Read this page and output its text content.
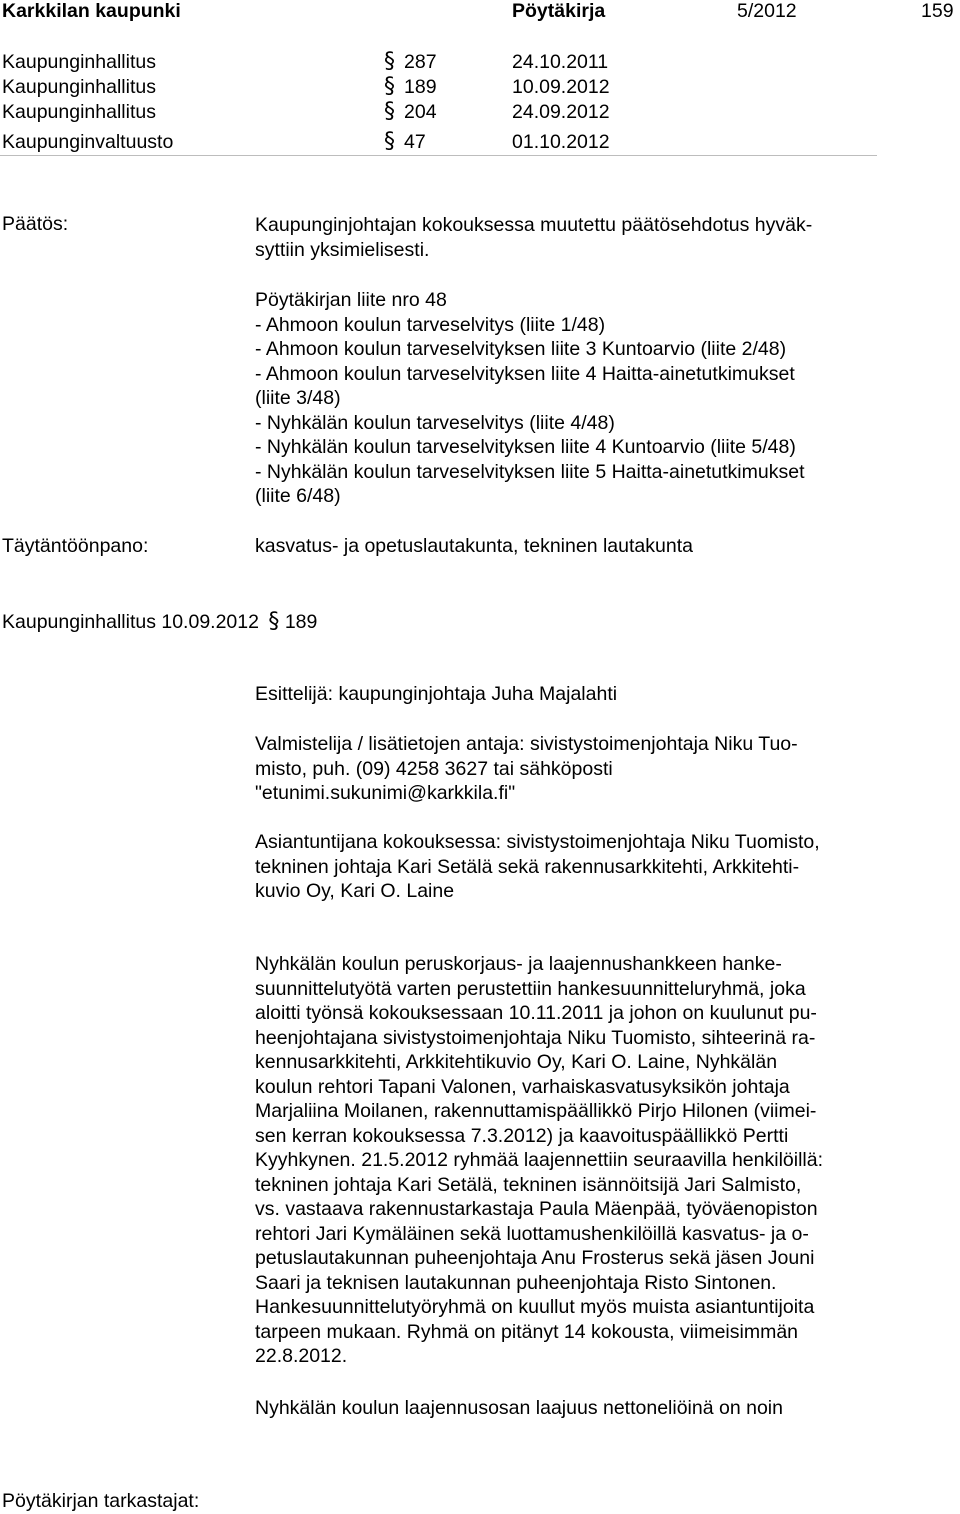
Karkkilan kaupunki	Pöytäkirja	5/2012	159
Kaupunginhallitus	§ 287	24.10.2011
Kaupunginhallitus	§ 189	10.09.2012
Kaupunginhallitus	§ 204	24.09.2012
Kaupunginvaltuusto	§ 47	01.10.2012
Päätös:	Kaupunginjohtajan kokouksessa muutettu päätösehdotus hyväk-
syttiin yksimielisesti.
Pöytäkirjan liite nro 48
- Ahmoon koulun tarveselvitys (liite 1/48)
- Ahmoon koulun tarveselvityksen liite 3 Kuntoarvio (liite 2/48)
- Ahmoon koulun tarveselvityksen liite 4 Haitta-ainetutkimukset
(liite 3/48)
- Nyhkälän koulun tarveselvitys (liite 4/48)
- Nyhkälän koulun tarveselvityksen liite 4 Kuntoarvio (liite 5/48)
- Nyhkälän koulun tarveselvityksen liite 5 Haitta-ainetutkimukset
(liite 6/48)
Täytäntöönpano:	kasvatus- ja opetuslautakunta, tekninen lautakunta
Kaupunginhallitus 10.09.2012 § 189
Esittelijä: kaupunginjohtaja Juha Majalahti
Valmistelija / lisätietojen antaja: sivistystoimenjohtaja Niku Tuo-
misto, puh. (09) 4258 3627 tai sähköposti
"etunimi.sukunimi@karkkila.fi"
Asiantuntijana kokouksessa: sivistystoimenjohtaja Niku Tuomisto,
tekninen johtaja Kari Setälä sekä rakennusarkkitehti, Arkkitehti-
kuvio Oy, Kari O. Laine
Nyhkälän koulun peruskorjaus- ja laajennushankkeen hanke-
suunnittelutyötä varten perustettiin hankesuunnitteluryhmä, joka
aloitti työnsä kokouksessaan 10.11.2011 ja johon on kuulunut pu-
heenjohtajana sivistystoimenjohtaja Niku Tuomisto, sihteerinä ra-
kennusarkkitehti, Arkkitehtikuvio Oy, Kari O. Laine, Nyhkälän
koulun rehtori Tapani Valonen, varhaiskasvatusyksikön johtaja
Marjaliina Moilanen, rakennuttamispäällikkö Pirjo Hilonen (viimei-
sen kerran kokouksessa 7.3.2012) ja kaavoituspäällikkö Pertti
Kyyhkynen. 21.5.2012 ryhmää laajennettiin seuraavilla henkilöillä:
tekninen johtaja Kari Setälä, tekninen isännöitsijä Jari Salmisto,
vs. vastaava rakennustarkastaja Paula Mäenpää, työväenopiston
rehtori Jari Kymäläinen sekä luottamushenkilöillä kasvatus- ja o-
petuslautakunnan puheenjohtaja Anu Frosterus sekä jäsen Jouni
Saari ja teknisen lautakunnan puheenjohtaja Risto Sintonen.
Hankesuunnittelutyöryhmä on kuullut myös muista asiantuntijoita
tarpeen mukaan. Ryhmä on pitänyt 14 kokousta, viimeisimmän
22.8.2012.
Nyhkälän koulun laajennusosan laajuus nettoneliöinä on noin
Pöytäkirjan tarkastajat:
